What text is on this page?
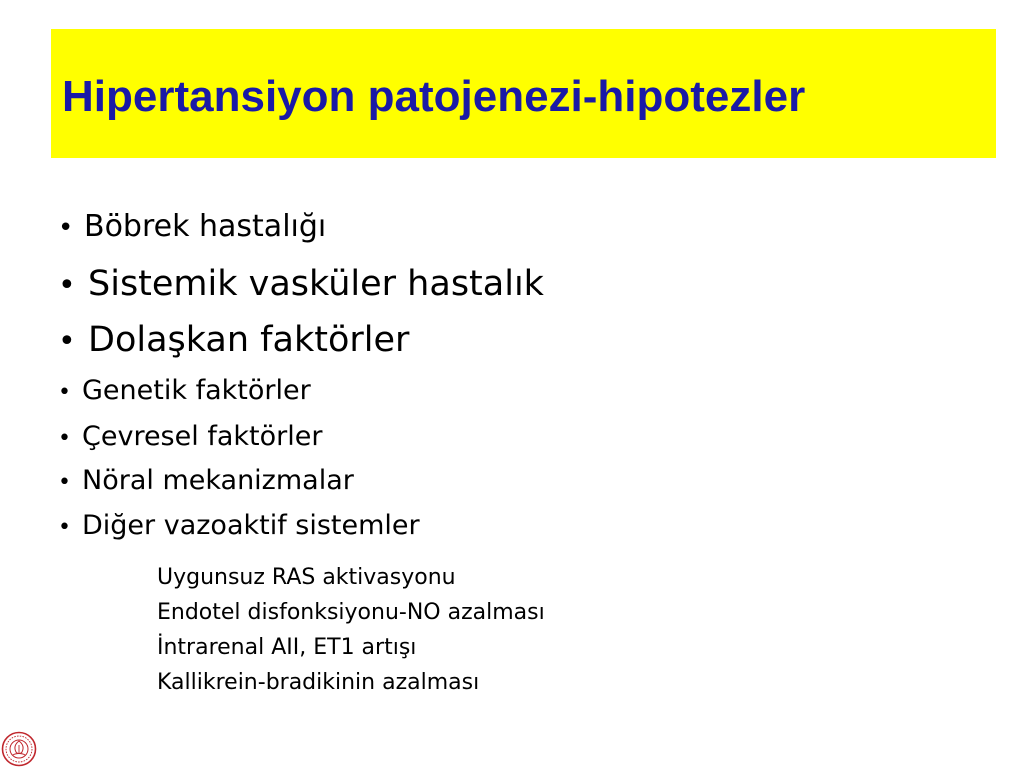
Hipertansiyon patojenezi-hipotezler
• Böbrek hastalığı
• Sistemik vasküler hastalık
• Dolaşkan faktörler
• Genetik faktörler
• Çevresel faktörler
• Nöral mekanizmalar
• Diğer vazoaktif sistemler
Uygunsuz RAS aktivasyonu
Endotel disfonksiyonu-NO azalması
İntrarenal AII, ET1 artışı
Kallikrein-bradikinin azalması
